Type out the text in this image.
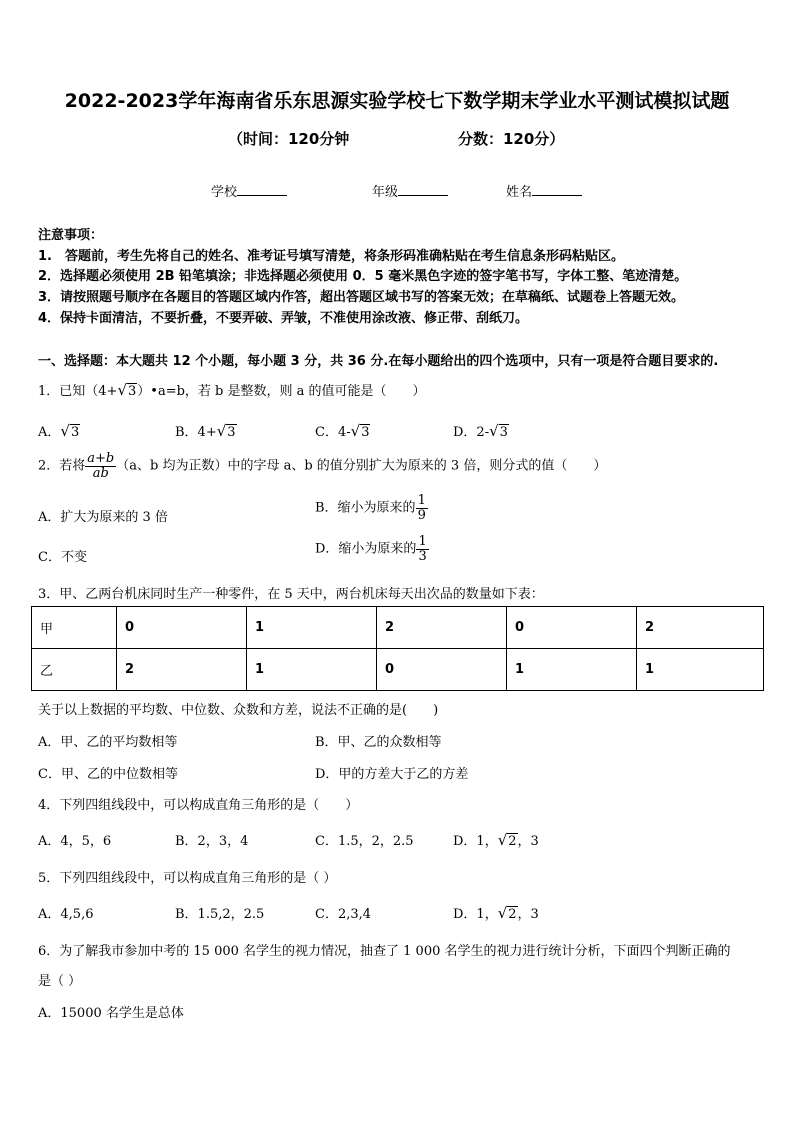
2022-2023学年海南省乐东思源实验学校七下数学期末学业水平测试模拟试题
（时间：120分钟	分数：120分）
学校	年级	姓名
注意事项：
1.　答题前，考生先将自己的姓名、准考证号填写清楚，将条形码准确粘贴在考生信息条形码粘贴区。
2．选择题必须使用 2B 铅笔填涂；非选择题必须使用 0．5 毫米黑色字迹的签字笔书写，字体工整、笔迹清楚。
3．请按照题号顺序在各题目的答题区域内作答，超出答题区域书写的答案无效；在草稿纸、试题卷上答题无效。
4．保持卡面清洁，不要折叠，不要弄破、弄皱，不准使用涂改液、修正带、刮纸刀。
一、选择题：本大题共 12 个小题，每小题 3 分，共 36 分.在每小题给出的四个选项中，只有一项是符合题目要求的.
1．已知（4+√3）•a=b，若 b 是整数，则 a 的值可能是（　　）
A．√3	B．4+√3	C．4-√3	D．2-√3
2．若将 $\frac{a+b}{ab} (a$、b 均为正数）中的字母 a、b 的值分别扩大为原来的 3 倍，则分式的值（　　）
A．扩大为原来的 3 倍
B．缩小为原来的 $\frac{1}{9}$
C．不变
D．缩小为原来的 $\frac{1}{3}$
3．甲、乙两台机床同时生产一种零件，在 5 天中，两台机床每天出次品的数量如下表：
甲	0	1	2	0	2
乙	2	1	0	1	1
关于以上数据的平均数、中位数、众数和方差，说法不正确的是(　　)
A．甲、乙的平均数相等	B．甲、乙的众数相等
C．甲、乙的中位数相等	D．甲的方差大于乙的方差
4．下列四组线段中，可以构成直角三角形的是（　　）
A．4，5，6	B．2，3，4	C．1.5，2，2.5	D．1，√2，3
5．下列四组线段中，可以构成直角三角形的是（ ）
A．4,5,6	B．1.5,2，2.5	C．2,3,4	D．1，√2，3
6．为了解我市参加中考的 15 000 名学生的视力情况，抽查了 1 000 名学生的视力进行统计分析，下面四个判断正确的
是（ ）
A．15000 名学生是总体
